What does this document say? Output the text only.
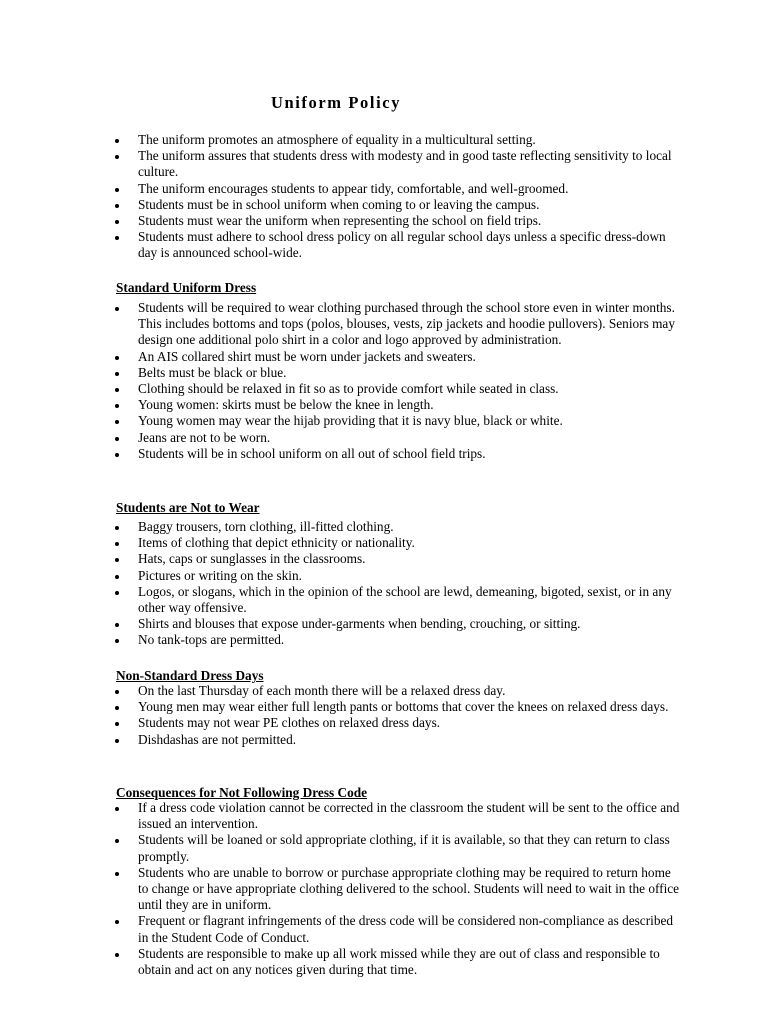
Uniform Policy
The uniform promotes an atmosphere of equality in a multicultural setting.
The uniform assures that students dress with modesty and in good taste reflecting sensitivity to local culture.
The uniform encourages students to appear tidy, comfortable, and well-groomed.
Students must be in school uniform when coming to or leaving the campus.
Students must wear the uniform when representing the school on field trips.
Students must adhere to school dress policy on all regular school days unless a specific dress-down day is announced school-wide.
Standard Uniform Dress
Students will be required to wear clothing purchased through the school store even in winter months. This includes bottoms and tops (polos, blouses, vests, zip jackets and hoodie pullovers). Seniors may design one additional polo shirt in a color and logo approved by administration.
An AIS collared shirt must be worn under jackets and sweaters.
Belts must be black or blue.
Clothing should be relaxed in fit so as to provide comfort while seated in class.
Young women: skirts must be below the knee in length.
Young women may wear the hijab providing that it is navy blue, black or white.
Jeans are not to be worn.
Students will be in school uniform on all out of school field trips.
Students are Not to Wear
Baggy trousers, torn clothing, ill-fitted clothing.
Items of clothing that depict ethnicity or nationality.
Hats, caps or sunglasses in the classrooms.
Pictures or writing on the skin.
Logos, or slogans, which in the opinion of the school are lewd, demeaning, bigoted, sexist, or in any other way offensive.
Shirts and blouses that expose under-garments when bending, crouching, or sitting.
No tank-tops are permitted.
Non-Standard Dress Days
On the last Thursday of each month there will be a relaxed dress day.
Young men may wear either full length pants or bottoms that cover the knees on relaxed dress days.
Students may not wear PE clothes on relaxed dress days.
Dishdashas are not permitted.
Consequences for Not Following Dress Code
If a dress code violation cannot be corrected in the classroom the student will be sent to the office and issued an intervention.
Students will be loaned or sold appropriate clothing, if it is available, so that they can return to class promptly.
Students who are unable to borrow or purchase appropriate clothing may be required to return home to change or have appropriate clothing delivered to the school. Students will need to wait in the office until they are in uniform.
Frequent or flagrant infringements of the dress code will be considered non-compliance as described in the Student Code of Conduct.
Students are responsible to make up all work missed while they are out of class and responsible to obtain and act on any notices given during that time.
